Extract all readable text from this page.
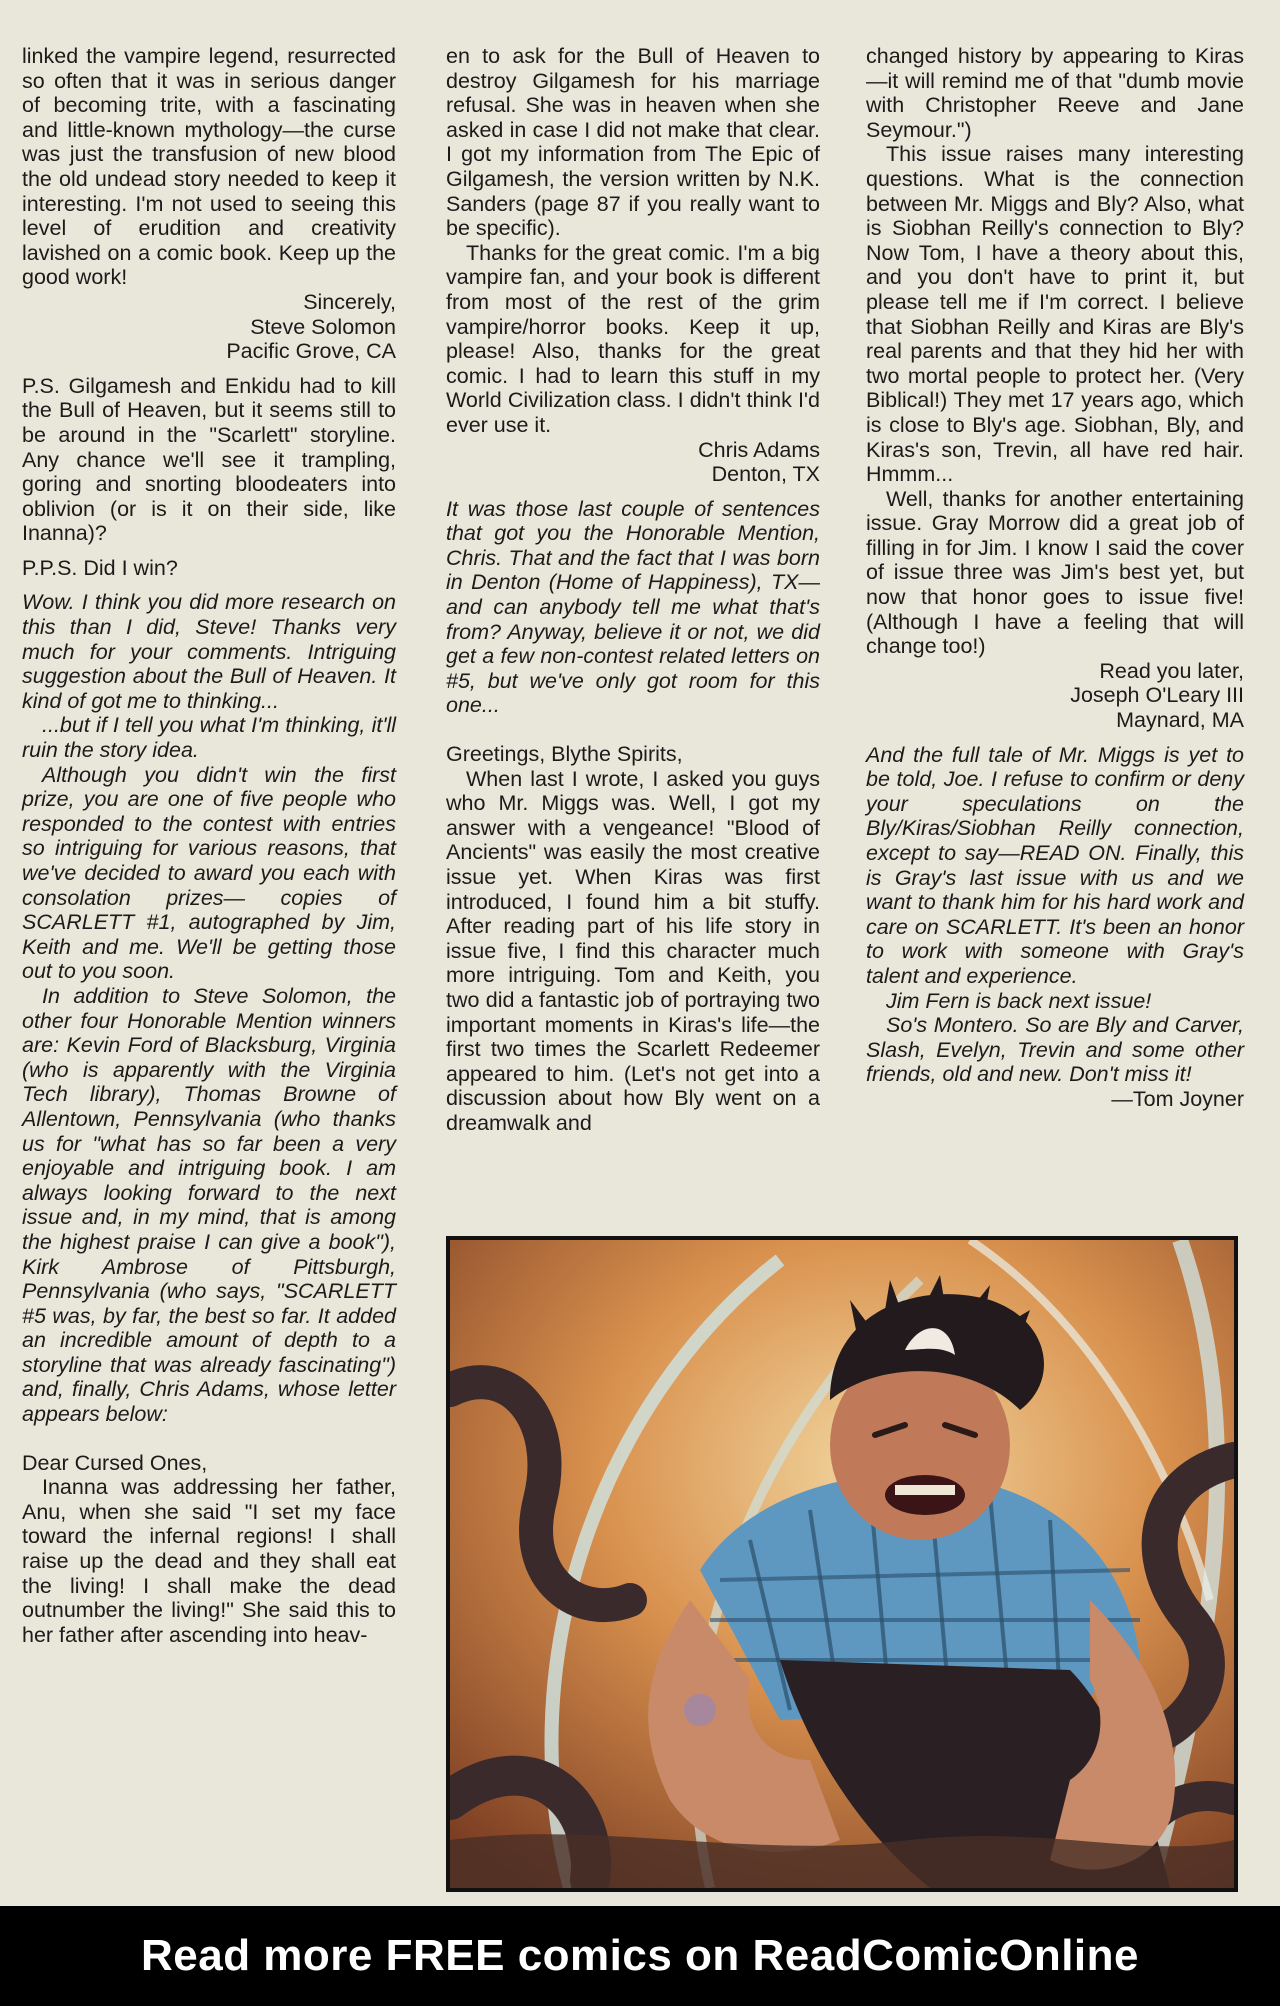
linked the vampire legend, resurrected so often that it was in serious danger of becoming trite, with a fascinating and little-known mythology—the curse was just the transfusion of new blood the old undead story needed to keep it interesting. I'm not used to seeing this level of erudition and creativity lavished on a comic book. Keep up the good work!

Sincerely,

Steve Solomon

Pacific Grove, CA

P.S. Gilgamesh and Enkidu had to kill the Bull of Heaven, but it seems still to be around in the "Scarlett" storyline. Any chance we'll see it trampling, goring and snorting bloodeaters into oblivion (or is it on their side, like Inanna)?

P.P.S. Did I win?

Wow. I think you did more research on this than I did, Steve! Thanks very much for your comments. Intriguing suggestion about the Bull of Heaven. It kind of got me to thinking...

...but if I tell you what I'm thinking, it'll ruin the story idea.

Although you didn't win the first prize, you are one of five people who responded to the contest with entries so intriguing for various reasons, that we've decided to award you each with consolation prizes— copies of SCARLETT #1, autographed by Jim, Keith and me. We'll be getting those out to you soon.

In addition to Steve Solomon, the other four Honorable Mention winners are: Kevin Ford of Blacksburg, Virginia (who is apparently with the Virginia Tech library), Thomas Browne of Allentown, Pennsylvania (who thanks us for "what has so far been a very enjoyable and intriguing book. I am always looking forward to the next issue and, in my mind, that is among the highest praise I can give a book"), Kirk Ambrose of Pittsburgh, Pennsylvania (who says, "SCARLETT #5 was, by far, the best so far. It added an incredible amount of depth to a storyline that was already fascinating") and, finally, Chris Adams, whose letter appears below:

Dear Cursed Ones,

Inanna was addressing her father, Anu, when she said "I set my face toward the infernal regions! I shall raise up the dead and they shall eat the living! I shall make the dead outnumber the living!" She said this to her father after ascending into heav-

en to ask for the Bull of Heaven to destroy Gilgamesh for his marriage refusal. She was in heaven when she asked in case I did not make that clear. I got my information from The Epic of Gilgamesh, the version written by N.K. Sanders (page 87 if you really want to be specific).

Thanks for the great comic. I'm a big vampire fan, and your book is different from most of the rest of the grim vampire/horror books. Keep it up, please! Also, thanks for the great comic. I had to learn this stuff in my World Civilization class. I didn't think I'd ever use it.

Chris Adams

Denton, TX

It was those last couple of sentences that got you the Honorable Mention, Chris. That and the fact that I was born in Denton (Home of Happiness), TX—and can anybody tell me what that's from? Anyway, believe it or not, we did get a few non-contest related letters on #5, but we've only got room for this one...

Greetings, Blythe Spirits,

When last I wrote, I asked you guys who Mr. Miggs was. Well, I got my answer with a vengeance! "Blood of Ancients" was easily the most creative issue yet. When Kiras was first introduced, I found him a bit stuffy. After reading part of his life story in issue five, I find this character much more intriguing. Tom and Keith, you two did a fantastic job of portraying two important moments in Kiras's life—the first two times the Scarlett Redeemer appeared to him. (Let's not get into a discussion about how Bly went on a dreamwalk and

changed history by appearing to Kiras—it will remind me of that "dumb movie with Christopher Reeve and Jane Seymour.")

This issue raises many interesting questions. What is the connection between Mr. Miggs and Bly? Also, what is Siobhan Reilly's connection to Bly? Now Tom, I have a theory about this, and you don't have to print it, but please tell me if I'm correct. I believe that Siobhan Reilly and Kiras are Bly's real parents and that they hid her with two mortal people to protect her. (Very Biblical!) They met 17 years ago, which is close to Bly's age. Siobhan, Bly, and Kiras's son, Trevin, all have red hair. Hmmm...

Well, thanks for another entertaining issue. Gray Morrow did a great job of filling in for Jim. I know I said the cover of issue three was Jim's best yet, but now that honor goes to issue five! (Although I have a feeling that will change too!)

Read you later,

Joseph O'Leary III

Maynard, MA

And the full tale of Mr. Miggs is yet to be told, Joe. I refuse to confirm or deny your speculations on the Bly/Kiras/Siobhan Reilly connection, except to say—READ ON. Finally, this is Gray's last issue with us and we want to thank him for his hard work and care on SCARLETT. It's been an honor to work with someone with Gray's talent and experience.

Jim Fern is back next issue!

So's Montero. So are Bly and Carver, Slash, Evelyn, Trevin and some other friends, old and new. Don't miss it!

—Tom Joyner

Read more FREE comics on ReadComicOnline
